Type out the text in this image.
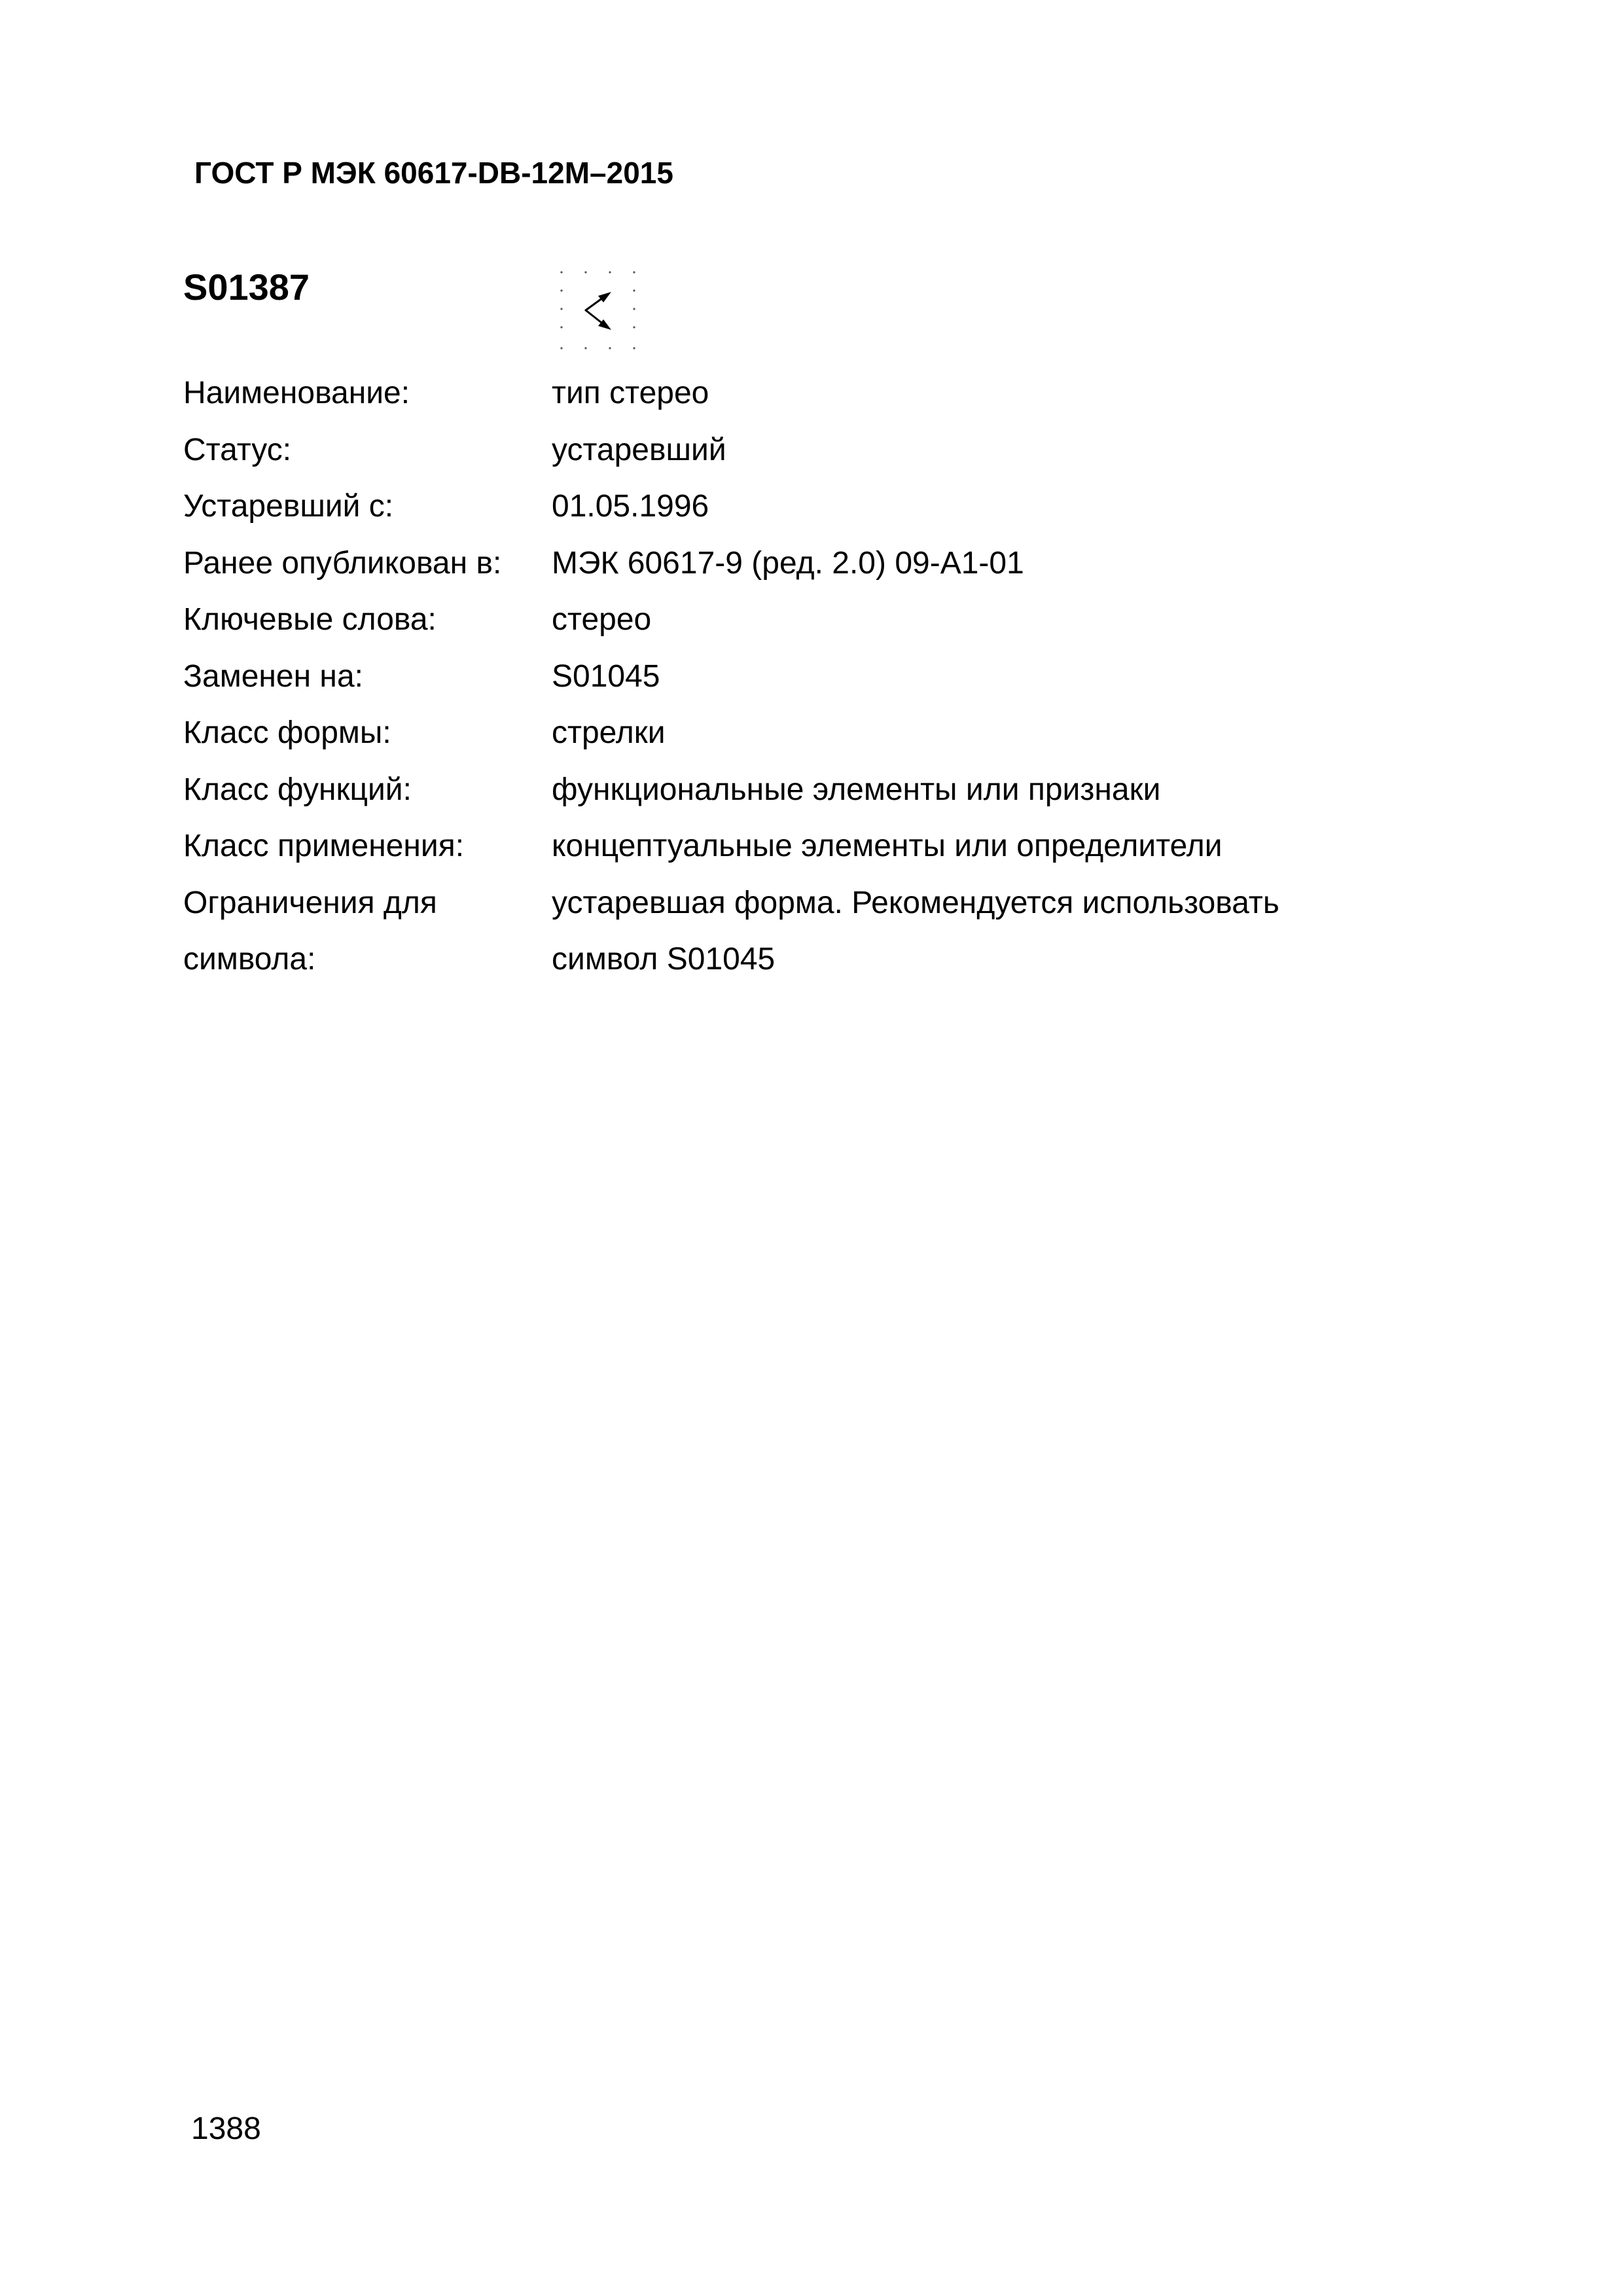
ГОСТ Р МЭК 60617-DB-12M–2015
S01387
Наименование:	тип стерео
Статус:	устаревший
Устаревший с:	01.05.1996
Ранее опубликован в:	МЭК 60617-9 (ред. 2.0) 09-А1-01
Ключевые слова:	стерео
Заменен на:	S01045
Класс формы:	стрелки
Класс функций:	функциональные элементы или признаки
Класс применения:	концептуальные элементы или определители
Ограничения для
символа:
устаревшая форма. Рекомендуется использовать
символ S01045
1388
